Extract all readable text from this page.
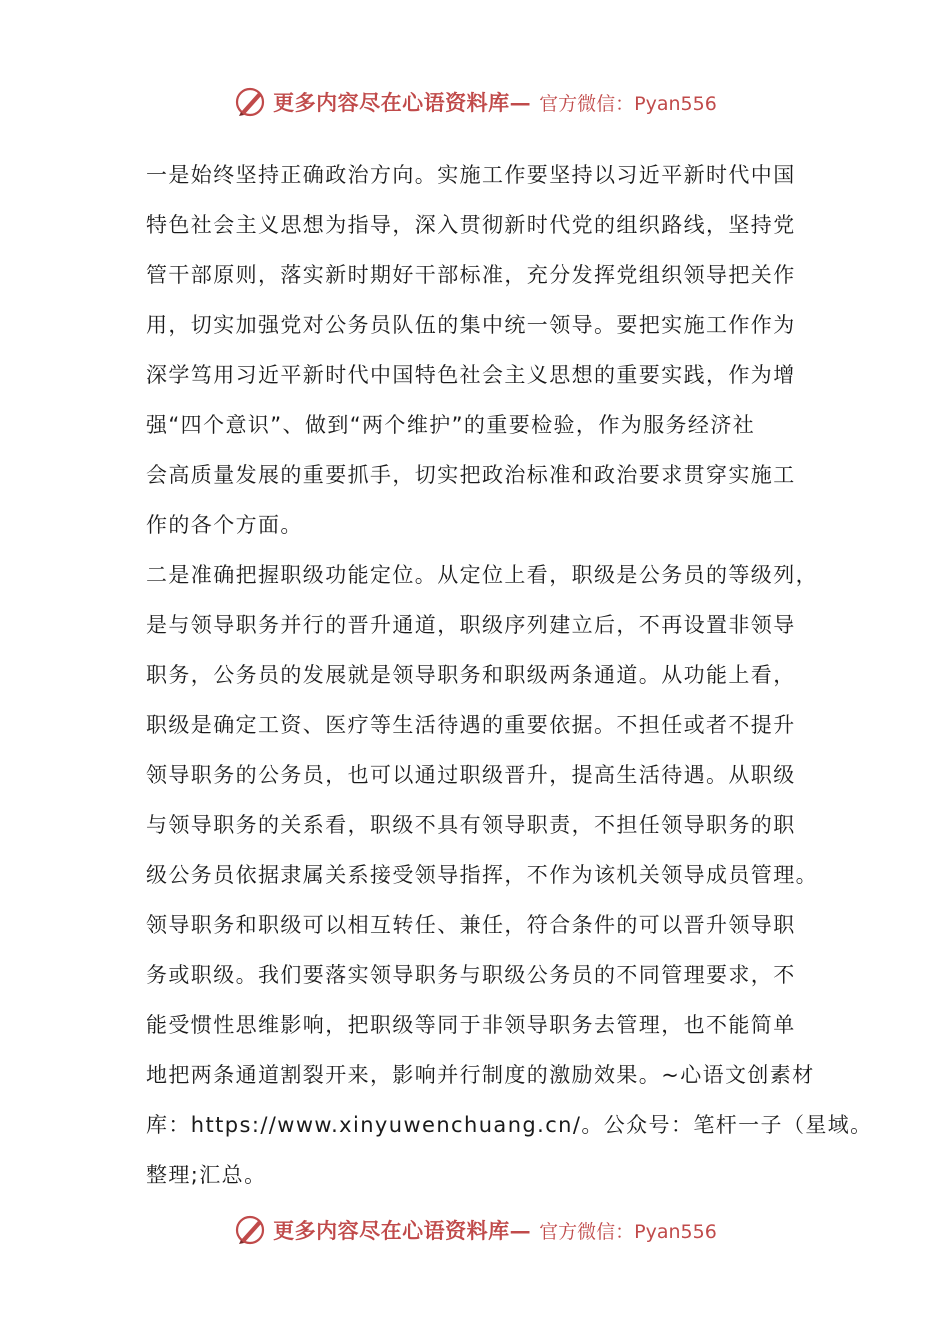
更多内容尽在心语资料库— 官方微信：Pyan556
一是始终坚持正确政治方向。实施工作要坚持以习近平新时代中国
特色社会主义思想为指导，深入贯彻新时代党的组织路线，坚持党
管干部原则，落实新时期好干部标准，充分发挥党组织领导把关作
用，切实加强党对公务员队伍的集中统一领导。要把实施工作作为
深学笃用习近平新时代中国特色社会主义思想的重要实践，作为增
强“四个意识”、做到“两个维护”的重要检验，作为服务经济社
会高质量发展的重要抓手，切实把政治标准和政治要求贯穿实施工
作的各个方面。
二是准确把握职级功能定位。从定位上看，职级是公务员的等级列，
是与领导职务并行的晋升通道，职级序列建立后，不再设置非领导
职务，公务员的发展就是领导职务和职级两条通道。从功能上看，
职级是确定工资、医疗等生活待遇的重要依据。不担任或者不提升
领导职务的公务员，也可以通过职级晋升，提高生活待遇。从职级
与领导职务的关系看，职级不具有领导职责，不担任领导职务的职
级公务员依据隶属关系接受领导指挥，不作为该机关领导成员管理。
领导职务和职级可以相互转任、兼任，符合条件的可以晋升领导职
务或职级。我们要落实领导职务与职级公务员的不同管理要求，不
能受惯性思维影响，把职级等同于非领导职务去管理，也不能简单
地把两条通道割裂开来，影响并行制度的激励效果。~心语文创素材
库：https://www.xinyuwenchuang.cn/。公众号：笔杆一子（星域。
整理;汇总。
更多内容尽在心语资料库— 官方微信：Pyan556
